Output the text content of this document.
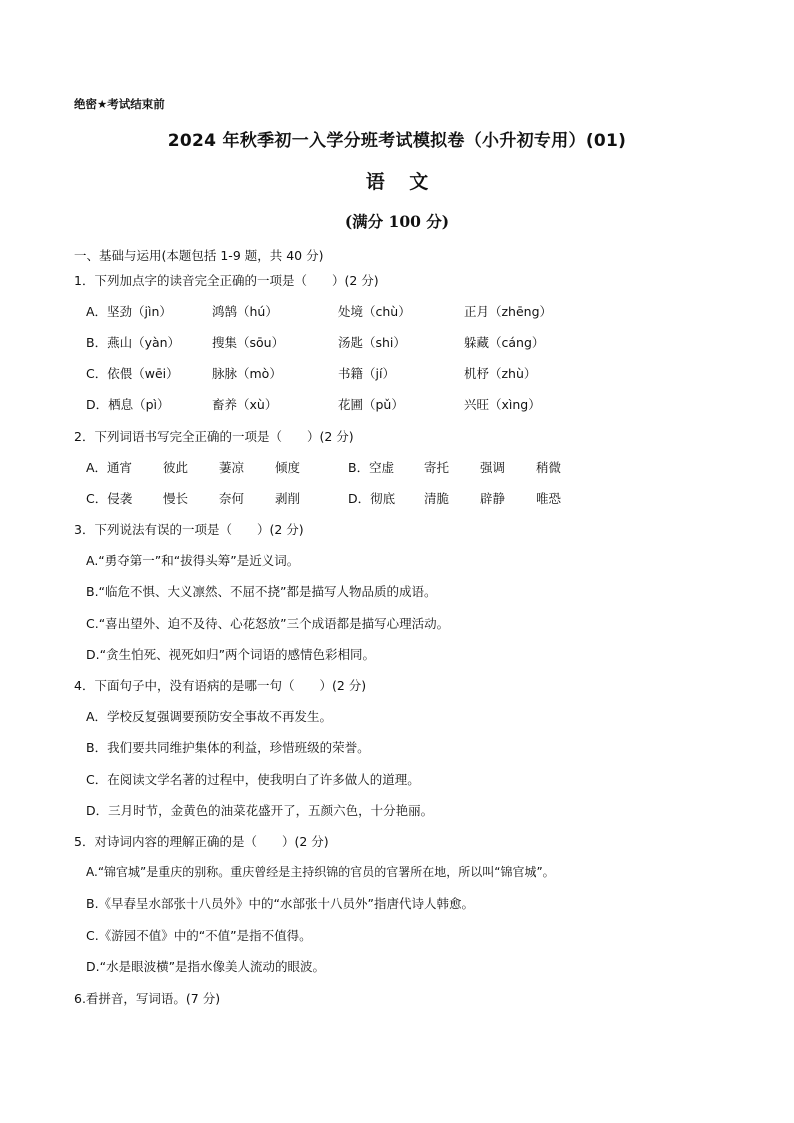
绝密★考试结束前
2024 年秋季初一入学分班考试模拟卷（小升初专用）(01)
语 文
(满分 100 分)
一、基础与运用(本题包括 1-9 题，共 40 分)
1．下列加点字的读音完全正确的一项是（　　）(2 分)
A．坚劲（jìn）	鸿鹄（hú）	处境（chù）	正月（zhēng）
B．燕山（yàn）	搜集（sōu）	汤匙（shi）	躲藏（cáng）
C．依偎（wēi）	脉脉（mò）	书籍（jí）	机杼（zhù）
D．栖息（pì）	畜养（xù）	花圃（pǔ）	兴旺（xìng）
2．下列词语书写完全正确的一项是（　　）(2 分)
A．通宵 彼此 萋凉 倾度	B．空虚 寄托 强调 稍微
C．侵袭 慢长 奈何 剥削	D．彻底 清脆 辟静 唯恐
3．下列说法有误的一项是（　　）(2 分)
A.“勇夺第一”和“拔得头筹”是近义词。
B.“临危不惧、大义凛然、不屈不挠”都是描写人物品质的成语。
C.“喜出望外、迫不及待、心花怒放”三个成语都是描写心理活动。
D.“贪生怕死、视死如归”两个词语的感情色彩相同。
4．下面句子中，没有语病的是哪一句（　　）(2 分)
A．学校反复强调要预防安全事故不再发生。
B．我们要共同维护集体的利益，珍惜班级的荣誉。
C．在阅读文学名著的过程中，使我明白了许多做人的道理。
D．三月时节，金黄色的油菜花盛开了，五颜六色，十分艳丽。
5．对诗词内容的理解正确的是（　　）(2 分)
A.“锦官城”是重庆的别称。重庆曾经是主持织锦的官员的官署所在地，所以叫“锦官城”。
B.《早春呈水部张十八员外》中的“水部张十八员外”指唐代诗人韩愈。
C.《游园不值》中的“不值”是指不值得。
D.“水是眼波横”是指水像美人流动的眼波。
6.看拼音，写词语。(7 分)
